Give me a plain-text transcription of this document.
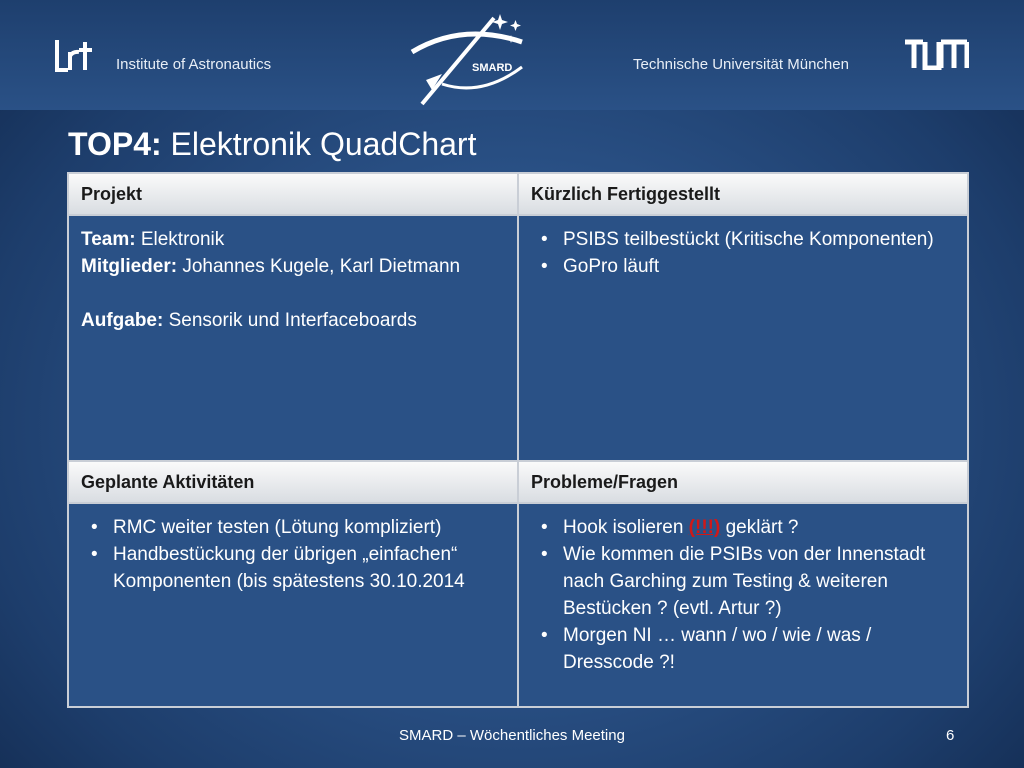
Institute of Astronautics	SMARD	Technische Universität München
TOP4: Elektronik QuadChart
Projekt	Kürzlich Fertiggestellt
Team: Elektronik
Mitglieder: Johannes Kugele, Karl Dietmann
Aufgabe: Sensorik und Interfaceboards
• PSIBS teilbestückt (Kritische Komponenten)
• GoPro läuft
Geplante Aktivitäten	Probleme/Fragen
• RMC weiter testen (Lötung kompliziert)
• Handbestückung der übrigen „einfachen“ Komponenten (bis spätestens 30.10.2014
• Hook isolieren (!!!) geklärt ?
• Wie kommen die PSIBs von der Innenstadt nach Garching zum Testing & weiteren Bestücken ? (evtl. Artur ?)
• Morgen NI … wann / wo / wie / was / Dresscode ?!
SMARD – Wöchentliches Meeting	6
